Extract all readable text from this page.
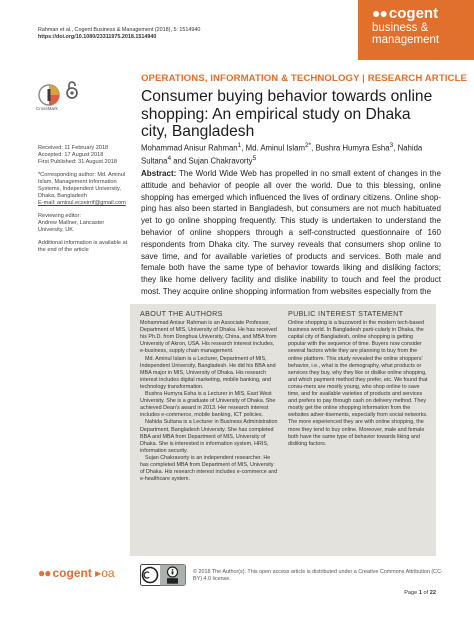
Rahman et al., Cogent Business & Management (2018), 5: 1514940
https://doi.org/10.1080/23311975.2018.1514940
●● cogent
business &
management
CrossMark
OPERATIONS, INFORMATION & TECHNOLOGY | RESEARCH ARTICLE
Consumer buying behavior towards online shopping: An empirical study on Dhaka city, Bangladesh
Mohammad Anisur Rahman$^1$, Md. Aminul Islam$^{2*}$, Bushra Humyra Esha$^3$, Nahida Sultana$^4$ and Sujan Chakravorty$^5$

Received: 11 February 2018
Accepted: 17 August 2018
First Published: 31 August 2018

*Corresponding author: Md. Aminul Islam, Management Information Systems, Independent University, Dhaka, Bangladesh
E-mail: aminul.ecseirrif@gmail.com

Reviewing editor:
Andrew Mallner, Lancaster University, UK

Additional information is available at the end of the article

Abstract: The World Wide Web has propelled in no small extent of changes in the attitude and behavior of people all over the world. Due to this blessing, online shopping has emerged which influenced the lives of ordinary citizens. Online shop-ping has also been started in Bangladesh, but consumers are not much habituated yet to go online shopping frequently. This study is undertaken to understand the behavior of online shoppers through a self-constructed questionnaire of 160 respondents from Dhaka city. The survey reveals that consumers shop online to save time, and for available varieties of products and services. Both male and female both have the same type of behavior towards liking and disliking factors; they like home delivery facility and dislike inability to touch and feel the product most. They acquire online shopping information from websites especially from the
ABOUT THE AUTHORS

Mohammad Anisur Rahman is an Associate Professor, Department of MIS, University of Dhaka. He has received his Ph.D. from Donghua University, China, and MBA from University of Akron, USA. His research interest includes, e-business, supply chain management.

Md. Aminul Islam is a Lecturer, Department of MIS, Independent University, Bangladesh. He did his BBA and MBA major in MIS, University of Dhaka. His research interest includes digital marketing, mobile banking, and technology transformation.

Bushra Humyra Esha is a Lecturer in MIS, East West University. She is a graduate of University of Dhaka. She achieved Dean's award in 2013. Her research interest includes e-commerce, mobile banking, ICT policies.

Nahida Sultana is a Lecturer in Business Administration Department, Bangladesh University. She has completed BBA and MBA from Department of MIS, University of Dhaka. She is interested in information system, HRIS, information security.

Sujan Chakravorty is an independent researcher. He has completed MBA from Department of MIS, University of Dhaka. His research interest includes e-commerce and e-healthcare system.

PUBLIC INTEREST STATEMENT

Online shopping is a buzzword in the modern tech-based business world. In Bangladesh parti-cularly in Dhaka, the capital city of Bangladesh, online shopping is getting popular with the sequence of time. Buyers now consider several factors while they are planning to buy from the online platform. This study revealed the online shoppers' behavior, i.e., what is the demography, what products or services they buy, why they like or dislike online shopping, and which payment method they prefer, etc. We found that consu-mers are mostly young, who shop online to save time, and for available varieties of products and services and prefers to pay through cash on delivery method. They mostly get the online shopping information from the websites adver-tisements, especially from social networks. The more experienced they are with online shopping, the more they tend to buy online. Moreover, male and female both have the same type of behavior towards liking and disliking factors.

●● cogent ▸oa	© 2018 The Author(s). This open access article is distributed under a Creative Commons Attribution (CC-BY) 4.0 license.
Page 1 of 22
